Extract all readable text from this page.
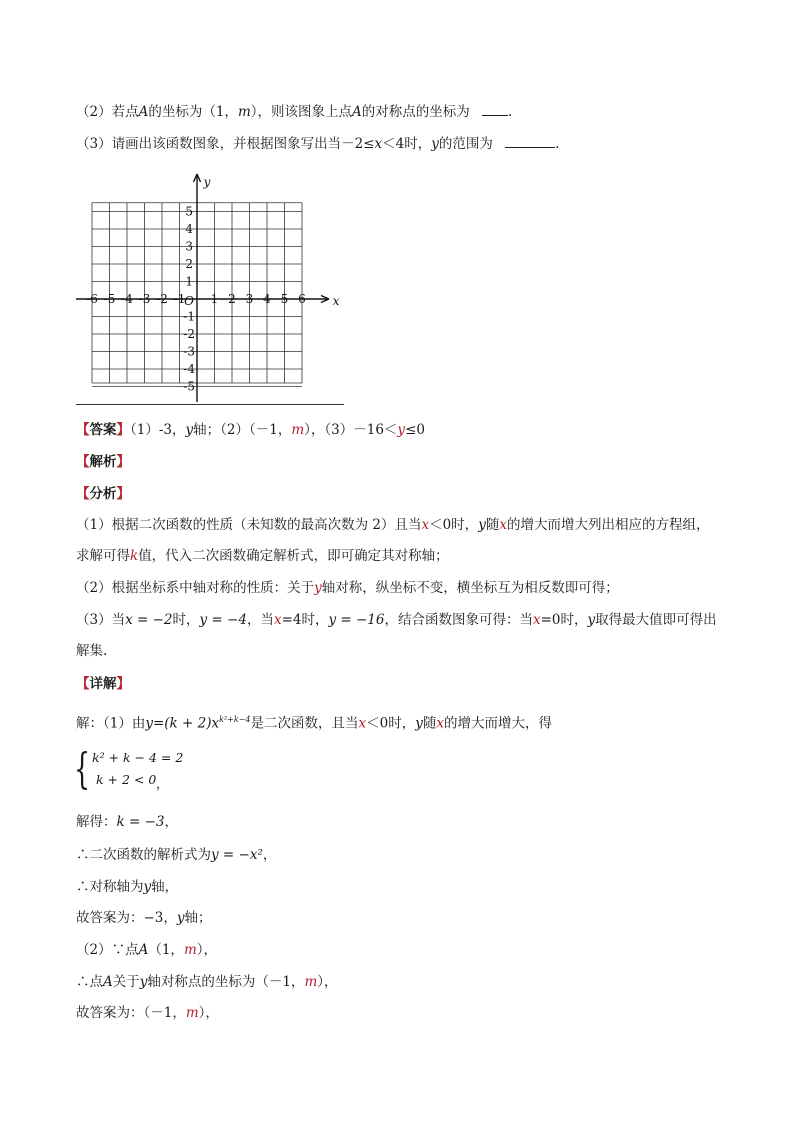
（2）若点A的坐标为（1，m），则该图象上点A的对称点的坐标为	.
（3）请画出该函数图象，并根据图象写出当－2≤x＜4时，y的范围为	.
x
y
O
-6 -5 -4 -3 -2 -1 1 2 3 4 5 6
5
4
3
2
1
-1
-2
-3
-4
-5
【答案】（1）-3，y轴；（2）（－1，m），（3）－16＜y≤0
【解析】
【分析】
（1）根据二次函数的性质（未知数的最高次数为 2）且当x＜0时，y随x的增大而增大列出相应的方程组，
求解可得k值，代入二次函数确定解析式，即可确定其对称轴；
（2）根据坐标系中轴对称的性质：关于y轴对称，纵坐标不变，横坐标互为相反数即可得；
（3）当x = −2时，y = −4，当x=4时，y = −16，结合函数图象可得：当x=0时，y取得最大值即可得出
解集.
【详解】
解：（1）由$y=(k + 2)x^{k^2+k-4}$是二次函数，且当x＜0时，y随x的增大而增大，得
{ k² + k − 4 = 2
k + 2 < 0 ，
解得：k = −3，
∴二次函数的解析式为y = −x²，
∴对称轴为y轴，
故答案为：−3，y轴；
（2）∵点A（1，m），
∴点A关于y轴对称点的坐标为（－1，m），
故答案为：（－1，m），
